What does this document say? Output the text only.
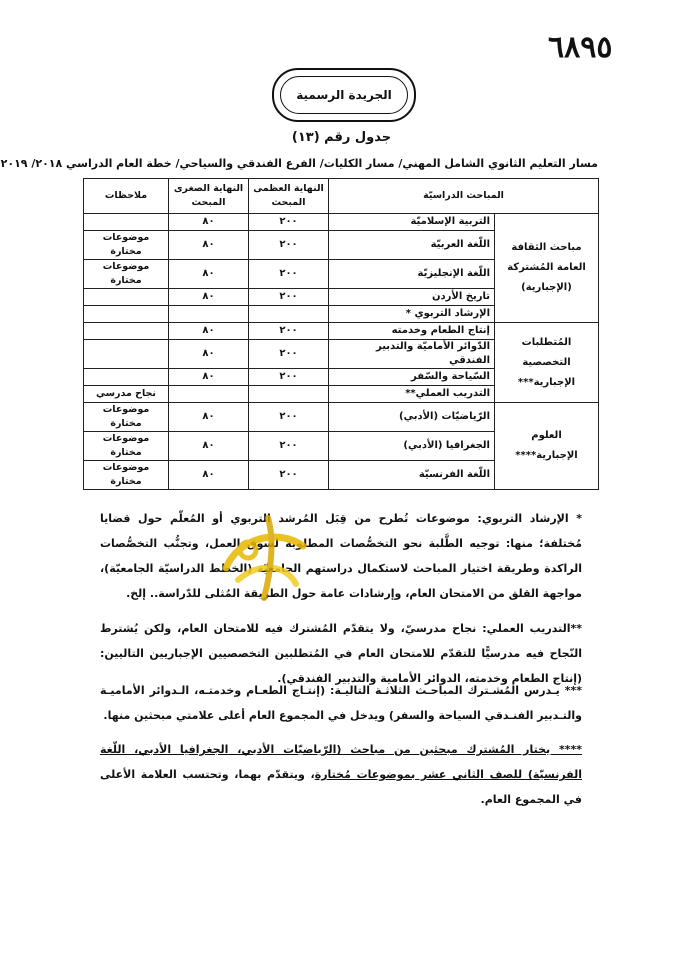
٦٨٩٥
الجريدة الرسمية
جدول رقم (١٣)
مسار التعليم الثانوي الشامل المهني/ مسار الكليات/ الفرع الفندقي والسياحي/ خطة العام الدراسي ٢٠١٨/ ٢٠١٩
المباحث الدراسيّة		النهاية العظمى المبحث	النهاية الصغرى المبحث	ملاحظات
مباحث الثقافة العامة المُشتركة (الإجبارية)	التربية الإسلاميّة	٢٠٠	٨٠	
	اللّغة العربيّة	٢٠٠	٨٠	موضوعات مختارة
	اللّغة الإنجليزيّة	٢٠٠	٨٠	موضوعات مختارة
	تاريخ الأردن	٢٠٠	٨٠	
	الإرشاد التربوي *			
المُتطلبات التخصصية الإجبارية***	إنتاج الطعام وخدمته	٢٠٠	٨٠	
	الدّوائر الأماميّة والتدبير الفندقي	٢٠٠	٨٠	
	السّياحة والسّفر	٢٠٠	٨٠	
	التدريب العملي**			نجاح مدرسي
العلوم الإجبارية****	الرّياضيّات (الأدبي)	٢٠٠	٨٠	موضوعات مختارة
	الجغرافيا (الأدبي)	٢٠٠	٨٠	موضوعات مختارة
	اللّغة الفرنسيّة	٢٠٠	٨٠	موضوعات مختارة
* الإرشاد التربوي: موضوعات تُطرح من قِبَل المُرشد التربوي أو المُعلّم حول قضايا مُختلفة؛ منها: توجيه الطَّلبة نحو التخصُّصات المطلوبة لسوق العمل، وتجنُّب التخصُّصات الراكدة وطريقة اختيار المباحث لاستكمال دراستهم الجامعيّة (الخطط الدراسيّة الجامعيّة)، مواجهة القلق من الامتحان العام، وإرشادات عامة حول الطريقة المُثلى للدّراسة.. إلخ.
**التدريب العملي: نجاح مدرسيّ، ولا يتقدّم المُشترك فيه للامتحان العام، ولكن يُشترط النّجاح فيه مدرسيًّا للتقدّم للامتحان العام في المُتطلبين التخصصيين الإجباريين التاليين: (إنتاج الطعام وخدمته، الدوائر الأمامية والتدبير الفندقي).
*** يـدرس المُشـترك المباحـث الثلاثـة التاليـة: (إنتـاج الطعـام وخدمتـه، الـدوائر الأماميـة والتـدبير الفنـدقي السياحة والسفر) ويدخل في المجموع العام أعلى علامتي مبحثين منها.
**** يختار المُشترك مبحثين من مباحث (الرّياضيّات الأدبي، الجغرافيا الأدبي، اللّغة الفرنسيّة) للصف الثاني عشر بموضوعات مُختارة، ويتقدّم بهما، وتحتسب العلامة الأعلى في المجموع العام.
